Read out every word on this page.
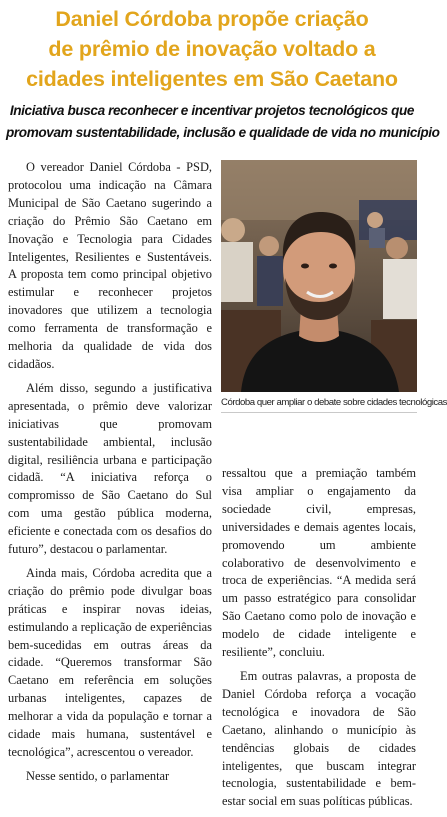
Daniel Córdoba propõe criação
de prêmio de inovação voltado a
cidades inteligentes em São Caetano
Iniciativa busca reconhecer e incentivar projetos tecnológicos que
promovam sustentabilidade, inclusão e qualidade de vida no município

O vereador Daniel Córdoba - PSD, protocolou uma indicação na Câmara Municipal de São Caetano sugerindo a criação do Prêmio São Caetano em Inovação e Tecnologia para Cidades Inteligentes, Resilientes e Sustentáveis. A proposta tem como principal objetivo estimular e reconhecer projetos inovadores que utilizem a tecnologia como ferramenta de transformação e melhoria da qualidade de vida dos cidadãos.

Além disso, segundo a justificativa apresentada, o prêmio deve valorizar iniciativas que promovam sustentabilidade ambiental, inclusão digital, resiliência urbana e participação cidadã. “A iniciativa reforça o compromisso de São Caetano do Sul com uma gestão pública moderna, eficiente e conectada com os desafios do futuro”, destacou o parlamentar.

Ainda mais, Córdoba acredita que a criação do prêmio pode divulgar boas práticas e inspirar novas ideias, estimulando a replicação de experiências bem-sucedidas em outras áreas da cidade. “Queremos transformar São Caetano em referência em soluções urbanas inteligentes, capazes de melhorar a vida da população e tornar a cidade mais humana, sustentável e tecnológica”, acrescentou o vereador.

Nesse sentido, o parlamentar

Córdoba quer ampliar o debate sobre cidades tecnológicas

ressaltou que a premiação também visa ampliar o engajamento da sociedade civil, empresas, universidades e demais agentes locais, promovendo um ambiente colaborativo de desenvolvimento e troca de experiências. “A medida será um passo estratégico para consolidar São Caetano como polo de inovação e modelo de cidade inteligente e resiliente”, concluiu.

Em outras palavras, a proposta de Daniel Córdoba reforça a vocação tecnológica e inovadora de São Caetano, alinhando o município às tendências globais de cidades inteligentes, que buscam integrar tecnologia, sustentabilidade e bem-estar social em suas políticas públicas.
